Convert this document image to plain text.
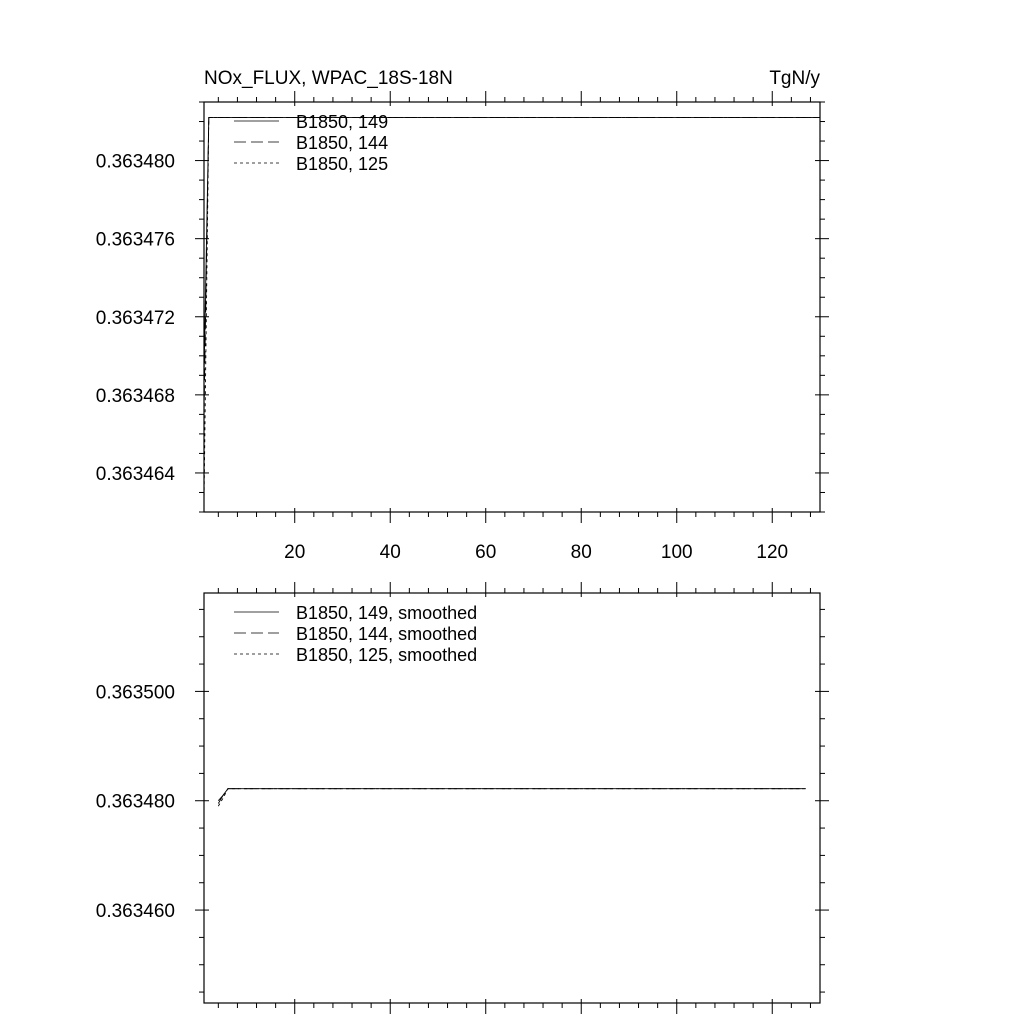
NOx_FLUX, WPAC_18S-18N	TgN/y
20	40	60	80	100	120
0.363464
0.363468
0.363472
0.363476
0.363480
B1850, 149
B1850, 144
B1850, 125
0.363460
0.363480
0.363500
B1850, 149, smoothed
B1850, 144, smoothed
B1850, 125, smoothed
